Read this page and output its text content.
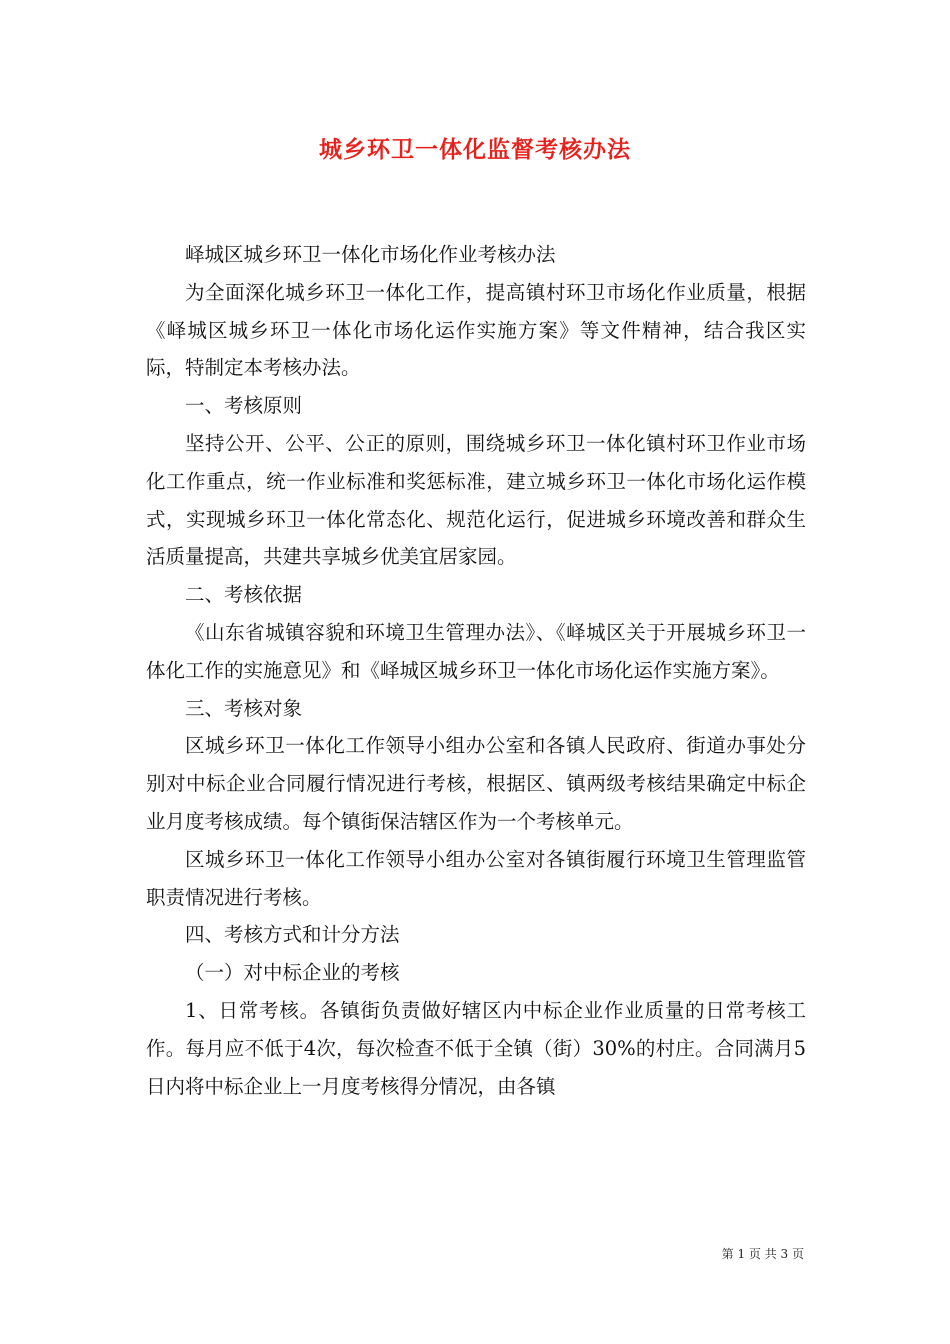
城乡环卫一体化监督考核办法

峄城区城乡环卫一体化市场化作业考核办法

为全面深化城乡环卫一体化工作，提高镇村环卫市场化作业质量，根据《峄城区城乡环卫一体化市场化运作实施方案》等文件精神，结合我区实际，特制定本考核办法。

一、考核原则

坚持公开、公平、公正的原则，围绕城乡环卫一体化镇村环卫作业市场化工作重点，统一作业标准和奖惩标准，建立城乡环卫一体化市场化运作模式，实现城乡环卫一体化常态化、规范化运行，促进城乡环境改善和群众生活质量提高，共建共享城乡优美宜居家园。

二、考核依据

《山东省城镇容貌和环境卫生管理办法》、《峄城区关于开展城乡环卫一体化工作的实施意见》和《峄城区城乡环卫一体化市场化运作实施方案》。

三、考核对象

区城乡环卫一体化工作领导小组办公室和各镇人民政府、街道办事处分别对中标企业合同履行情况进行考核，根据区、镇两级考核结果确定中标企业月度考核成绩。每个镇街保洁辖区作为一个考核单元。

区城乡环卫一体化工作领导小组办公室对各镇街履行环境卫生管理监管职责情况进行考核。

四、考核方式和计分方法

（一）对中标企业的考核

1、日常考核。各镇街负责做好辖区内中标企业作业质量的日常考核工作。每月应不低于4次，每次检查不低于全镇（街）30%的村庄。合同满月5日内将中标企业上一月度考核得分情况，由各镇

第 1 页 共 3 页
